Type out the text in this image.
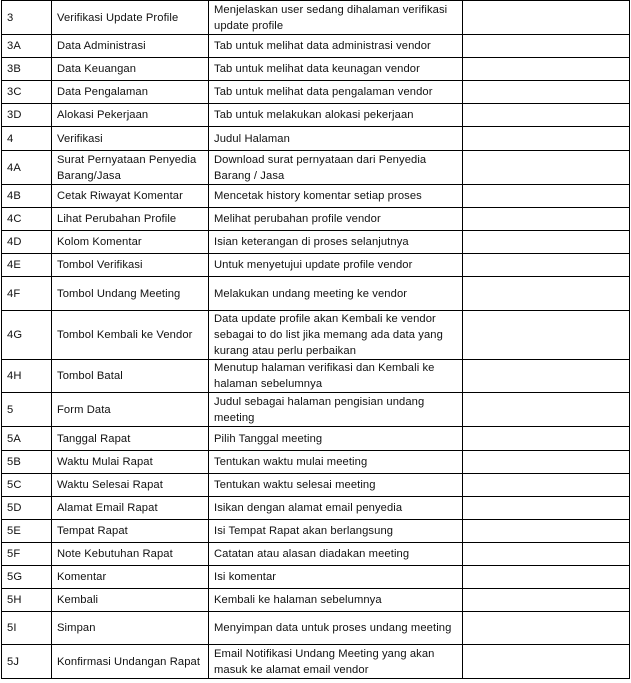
3	Verifikasi Update Profile	Menjelaskan user sedang dihalaman verifikasi update profile	
3A	Data Administrasi	Tab untuk melihat data administrasi vendor	
3B	Data Keuangan	Tab untuk melihat data keunagan vendor	
3C	Data Pengalaman	Tab untuk melihat data pengalaman vendor	
3D	Alokasi Pekerjaan	Tab untuk melakukan alokasi pekerjaan	
4	Verifikasi	Judul Halaman	
4A	Surat Pernyataan Penyedia Barang/Jasa	Download surat pernyataan dari Penyedia Barang / Jasa	
4B	Cetak Riwayat Komentar	Mencetak history komentar setiap proses	
4C	Lihat Perubahan Profile	Melihat perubahan profile vendor	
4D	Kolom Komentar	Isian keterangan di proses selanjutnya	
4E	Tombol Verifikasi	Untuk menyetujui update profile vendor	
4F	Tombol Undang Meeting	Melakukan undang meeting ke vendor	
4G	Tombol Kembali ke Vendor	Data update profile akan Kembali ke vendor sebagai to do list jika memang ada data yang kurang atau perlu perbaikan	
4H	Tombol Batal	Menutup halaman verifikasi dan Kembali ke halaman sebelumnya	
5	Form Data	Judul sebagai halaman pengisian undang meeting	
5A	Tanggal Rapat	Pilih Tanggal meeting	
5B	Waktu Mulai Rapat	Tentukan waktu mulai meeting	
5C	Waktu Selesai Rapat	Tentukan waktu selesai meeting	
5D	Alamat Email Rapat	Isikan dengan alamat email penyedia	
5E	Tempat Rapat	Isi Tempat Rapat akan berlangsung	
5F	Note Kebutuhan Rapat	Catatan atau alasan diadakan meeting	
5G	Komentar	Isi komentar	
5H	Kembali	Kembali ke halaman sebelumnya	
5I	Simpan	Menyimpan data untuk proses undang meeting	
5J	Konfirmasi Undangan Rapat	Email Notifikasi Undang Meeting yang akan masuk ke alamat email vendor	
